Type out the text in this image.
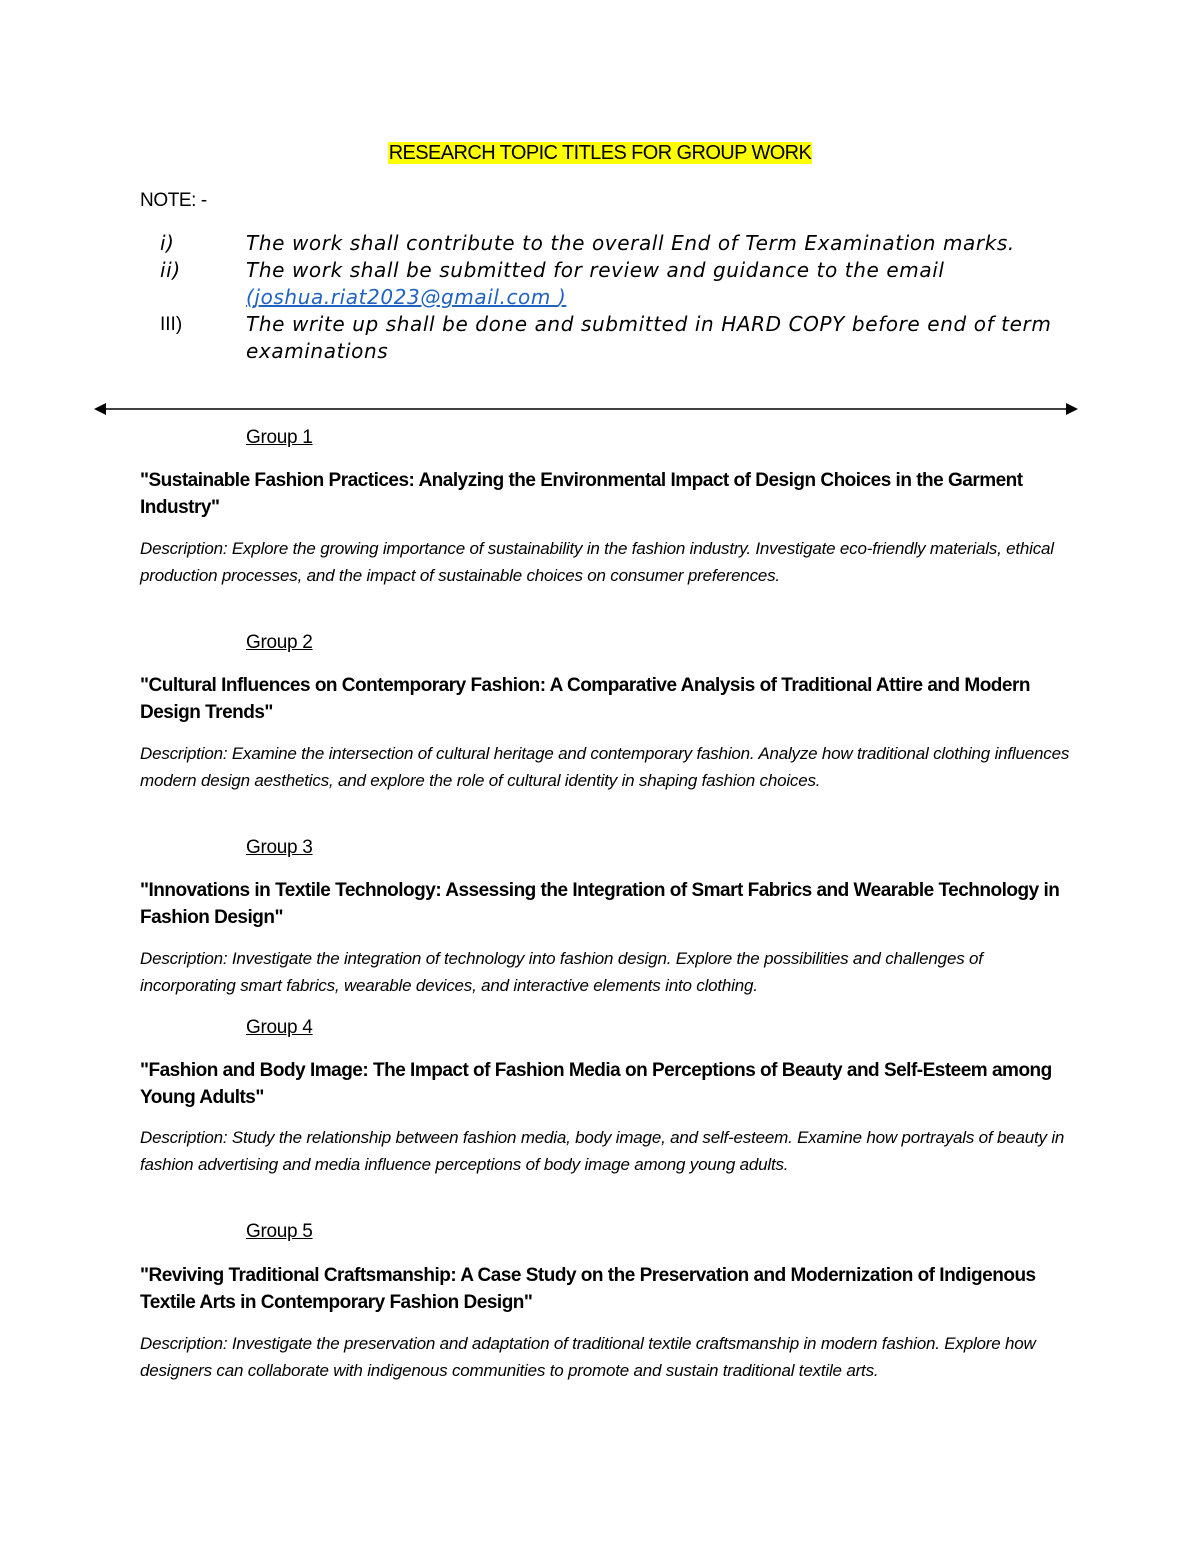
RESEARCH TOPIC TITLES FOR GROUP WORK
NOTE: -
i)	The work shall contribute to the overall End of Term Examination marks.
ii)	The work shall be submitted for review and guidance to the email (joshua.riat2023@gmail.com )
III)	The write up shall be done and submitted in HARD COPY before end of term examinations
Group 1
"Sustainable Fashion Practices: Analyzing the Environmental Impact of Design Choices in the Garment Industry"
Description: Explore the growing importance of sustainability in the fashion industry. Investigate eco-friendly materials, ethical production processes, and the impact of sustainable choices on consumer preferences.
Group 2
"Cultural Influences on Contemporary Fashion: A Comparative Analysis of Traditional Attire and Modern Design Trends"
Description: Examine the intersection of cultural heritage and contemporary fashion. Analyze how traditional clothing influences modern design aesthetics, and explore the role of cultural identity in shaping fashion choices.
Group 3
"Innovations in Textile Technology: Assessing the Integration of Smart Fabrics and Wearable Technology in Fashion Design"
Description: Investigate the integration of technology into fashion design. Explore the possibilities and challenges of incorporating smart fabrics, wearable devices, and interactive elements into clothing.
Group 4
"Fashion and Body Image: The Impact of Fashion Media on Perceptions of Beauty and Self-Esteem among Young Adults"
Description: Study the relationship between fashion media, body image, and self-esteem. Examine how portrayals of beauty in fashion advertising and media influence perceptions of body image among young adults.
Group 5
"Reviving Traditional Craftsmanship: A Case Study on the Preservation and Modernization of Indigenous Textile Arts in Contemporary Fashion Design"
Description: Investigate the preservation and adaptation of traditional textile craftsmanship in modern fashion. Explore how designers can collaborate with indigenous communities to promote and sustain traditional textile arts.
